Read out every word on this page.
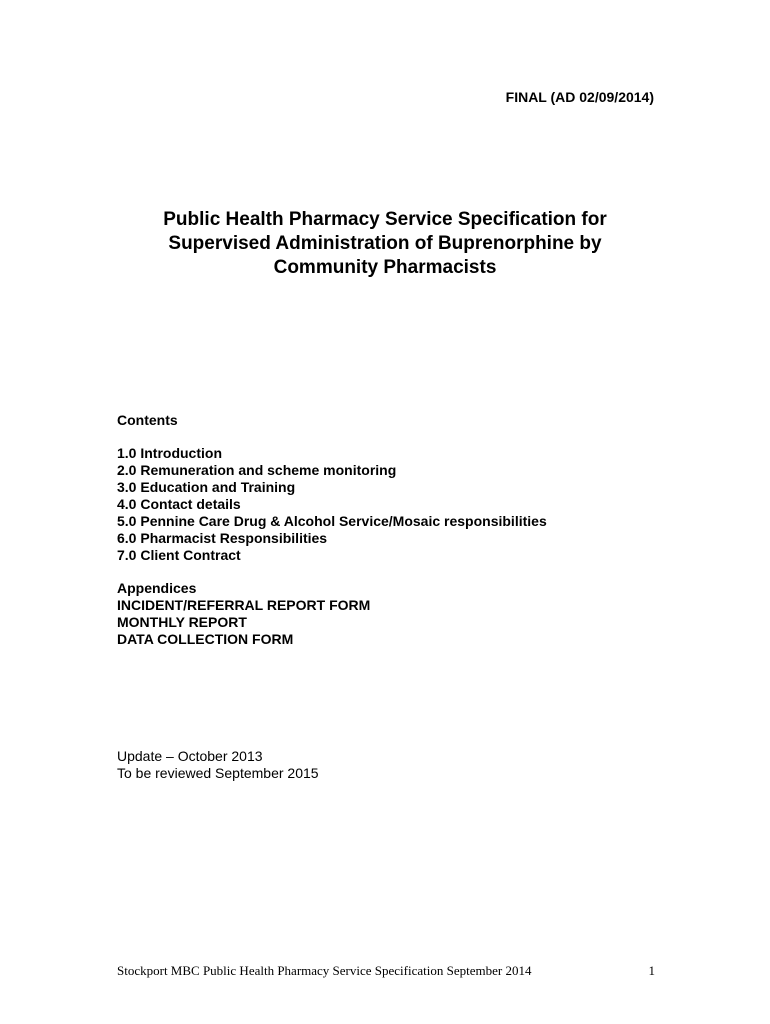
FINAL (AD 02/09/2014)
Public Health Pharmacy Service Specification for
Supervised Administration of Buprenorphine by
Community Pharmacists
Contents
1.0 Introduction
2.0 Remuneration and scheme monitoring
3.0 Education and Training
4.0 Contact details
5.0 Pennine Care Drug & Alcohol Service/Mosaic responsibilities
6.0 Pharmacist Responsibilities
7.0 Client Contract
Appendices
INCIDENT/REFERRAL REPORT FORM
MONTHLY REPORT
DATA COLLECTION FORM
Update – October 2013
To be reviewed September 2015
Stockport MBC Public Health Pharmacy Service Specification September 2014	1
